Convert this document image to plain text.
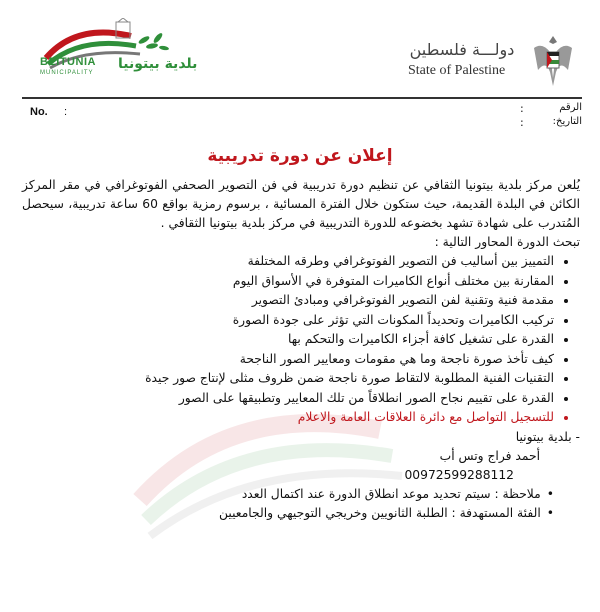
BEITUNIA
MUNICIPALITY
بلدية بيتونيا
دولـــة فلسطين
State of Palestine
No. :	الرقم
:
التاريخ:
:
إعلان عن دورة تدريبية

يُلعن مركز بلدية بيتونيا الثقافي عن تنظيم دورة تدريبية في فن التصوير الصحفي الفوتوغرافي في مقر المركز الكائن في البلدة القديمة، حيث ستكون خلال الفترة المسائية ، برسوم رمزية بواقع 60 ساعة تدريبية، سيحصل المُتدرب على شهادة تشهد بخضوعه للدورة التدريبية في مركز بلدية بيتونيا الثقافي .

تبحث الدورة المحاور التالية :

• التمييز بين أساليب فن التصوير الفوتوغرافي وطرقه المختلفة
• المقارنة بين مختلف أنواع الكاميرات المتوفرة في الأسواق اليوم
• مقدمة فنية وتقنية لفن التصوير الفوتوغرافي ومبادئ التصوير
• تركيب الكاميرات وتحديداً المكونات التي تؤثر على جودة الصورة
• القدرة على تشغيل كافة أجزاء الكاميرات والتحكم بها
• كيف تأخذ صورة ناجحة وما هي مقومات ومعايير الصور الناجحة
• التقنيات الفنية المطلوبة لالتقاط صورة ناجحة ضمن ظروف مثلى لإنتاج صور جيدة
• القدرة على تقييم نجاح الصور انطلاقاً من تلك المعايير وتطبيقها على الصور
• للتسجيل التواصل مع دائرة العلاقات العامة والاعلام

- بلدية بيتونيا

أحمد فراج وتس أب

00972599288112

• ملاحظة : سيتم تحديد موعد انطلاق الدورة عند اكتمال العدد
• الفئة المستهدفة : الطلبة الثانويين وخريجي التوجيهي والجامعيين
